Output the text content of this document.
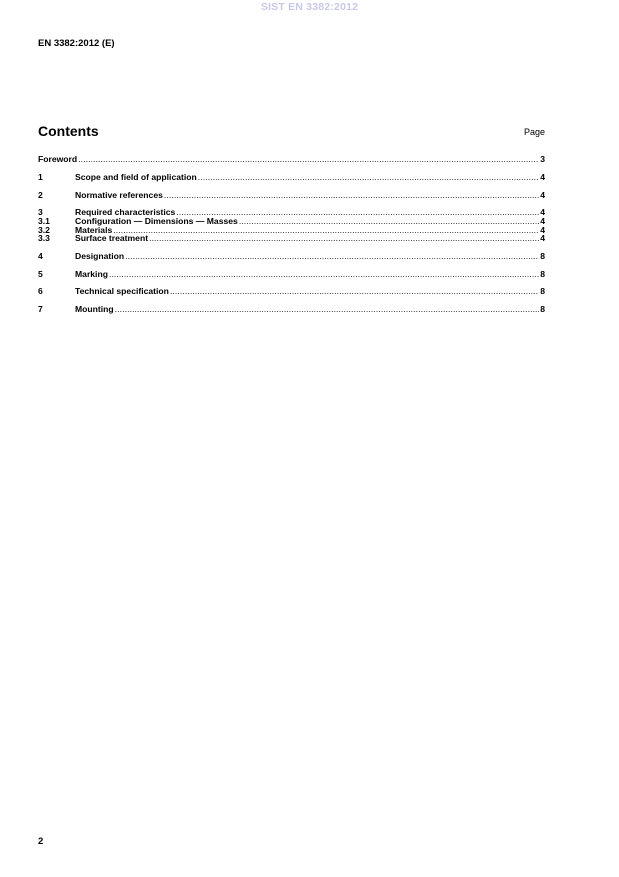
SIST EN 3382:2012
EN 3382:2012 (E)
Contents	Page
Foreword .....	3
1	Scope and field of application .....	4
2	Normative references .....	4
3	Required characteristics .....	4
3.1	Configuration — Dimensions — Masses .....	4
3.2	Materials .....	4
3.3	Surface treatment .....	4
4	Designation .....	8
5	Marking .....	8
6	Technical specification .....	8
7	Mounting .....	8
2
